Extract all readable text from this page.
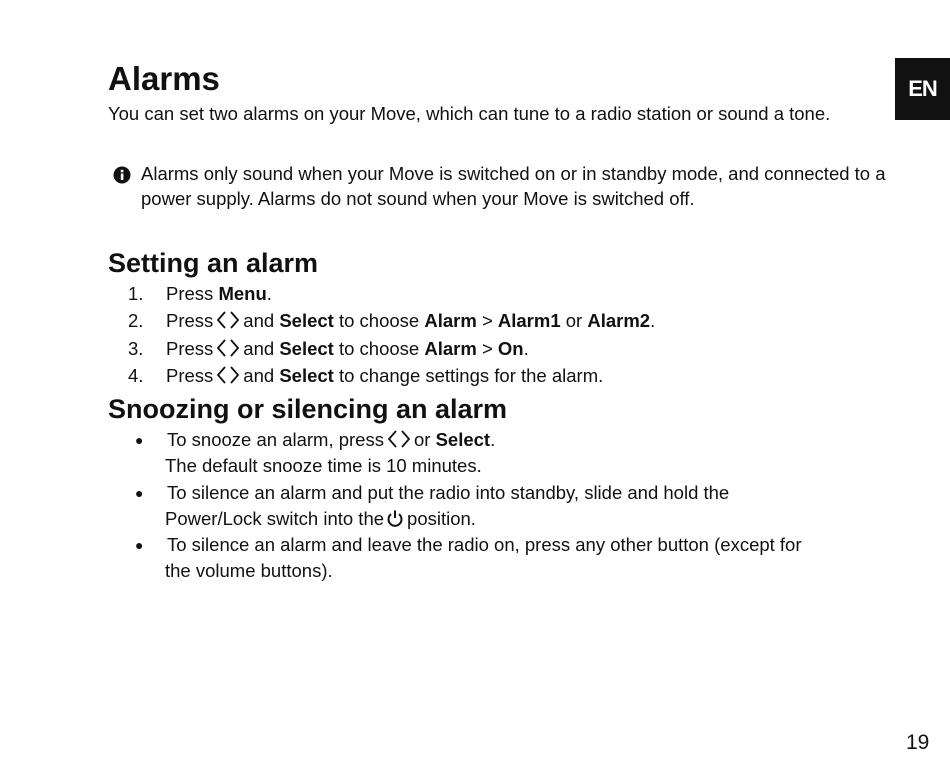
EN
Alarms

You can set two alarms on your Move, which can tune to a radio station or sound a tone.

Alarms only sound when your Move is switched on or in standby mode, and connected to a power supply. Alarms do not sound when your Move is switched off.

Setting an alarm
1. Press Menu.
2. Press and Select to choose Alarm > Alarm1 or Alarm2.
3. Press and Select to choose Alarm > On.
4. Press and Select to change settings for the alarm.
Snoozing or silencing an alarm
● To snooze an alarm, press or Select.
The default snooze time is 10 minutes.
● To silence an alarm and put the radio into standby, slide and hold the
Power/Lock switch into the position.
● To silence an alarm and leave the radio on, press any other button (except for
the volume buttons).
19
